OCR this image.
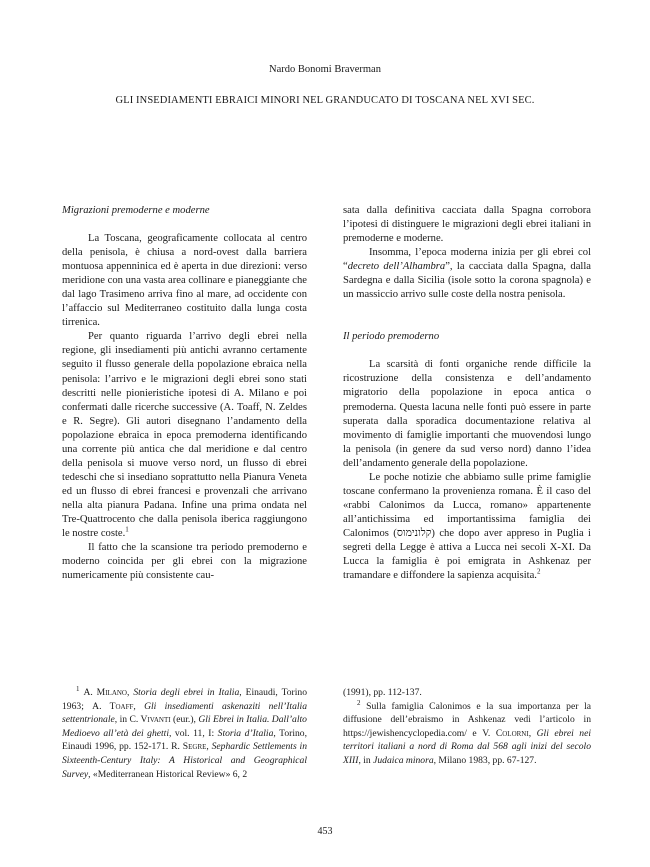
Nardo Bonomi Braverman
GLI INSEDIAMENTI EBRAICI MINORI NEL GRANDUCATO DI TOSCANA NEL XVI SEC.
Migrazioni premoderne e moderne

La Toscana, geograficamente collocata al centro della penisola, è chiusa a nord-ovest dalla barriera montuosa appenninica ed è aperta in due direzioni: verso meridione con una vasta area collinare e pianeggiante che dal lago Trasimeno arriva fino al mare, ad occidente con l’affaccio sul Mediterraneo costituito dalla lunga costa tirrenica.

Per quanto riguarda l’arrivo degli ebrei nella regione, gli insediamenti più antichi avranno certamente seguito il flusso generale della popolazione ebraica nella penisola: l’arrivo e le migrazioni degli ebrei sono stati descritti nelle pionieristiche ipotesi di A. Milano e poi confermati dalle ricerche successive (A. Toaff, N. Zeldes e R. Segre). Gli autori disegnano l’andamento della popolazione ebraica in epoca premoderna identificando una corrente più antica che dal meridione e dal centro della penisola si muove verso nord, un flusso di ebrei tedeschi che si insediano soprattutto nella Pianura Veneta ed un flusso di ebrei francesi e provenzali che arrivano nella alta pianura Padana. Infine una prima ondata nel Tre-Quattrocento che dalla penisola iberica raggiungono le nostre coste.$^1$

Il fatto che la scansione tra periodo premoderno e moderno coincida per gli ebrei con la migrazione numericamente più consistente cau-

sata dalla definitiva cacciata dalla Spagna corrobora l’ipotesi di distinguere le migrazioni degli ebrei italiani in premoderne e moderne.

Insomma, l’epoca moderna inizia per gli ebrei col “decreto dell’Alhambra”, la cacciata dalla Spagna, dalla Sardegna e dalla Sicilia (isole sotto la corona spagnola) e un massiccio arrivo sulle coste della nostra penisola.

Il periodo premoderno

La scarsità di fonti organiche rende difficile la ricostruzione della consistenza e dell’andamento migratorio della popolazione in epoca antica o premoderna. Questa lacuna nelle fonti può essere in parte superata dalla sporadica documentazione relativa al movimento di famiglie importanti che muovendosi lungo la penisola (in genere da sud verso nord) danno l’idea dell’andamento generale della popolazione.

Le poche notizie che abbiamo sulle prime famiglie toscane confermano la provenienza romana. È il caso del «rabbi Calonimos da Lucca, romano» appartenente all’antichissima ed importantissima famiglia dei Calonimos (קלונימוס) che dopo aver appreso in Puglia i segreti della Legge è attiva a Lucca nei secoli X-XI. Da Lucca la famiglia è poi emigrata in Ashkenaz per tramandare e diffondere la sapienza acquisita.$^2$

$^1$ A. Milano, Storia degli ebrei in Italia, Einaudi, Torino 1963; A. Toaff, Gli insediamenti askenaziti nell’Italia settentrionale, in C. Vivanti (eur.), Gli Ebrei in Italia. Dall’alto Medioevo all’età dei ghetti, vol. 11, I: Storia d’Italia, Torino, Einaudi 1996, pp. 152-171. R. Segre, Sephardic Settlements in Sixteenth-Century Italy: A Historical and Geographical Survey, «Mediterranean Historical Review» 6, 2

(1991), pp. 112-137.

$^2$ Sulla famiglia Calonimos e la sua importanza per la diffusione dell’ebraismo in Ashkenaz vedi l’articolo in https://jewishencyclopedia.com/ e V. Colorni, Gli ebrei nei territori italiani a nord di Roma dal 568 agli inizi del secolo XIII, in Judaica minora, Milano 1983, pp. 67-127.

453
